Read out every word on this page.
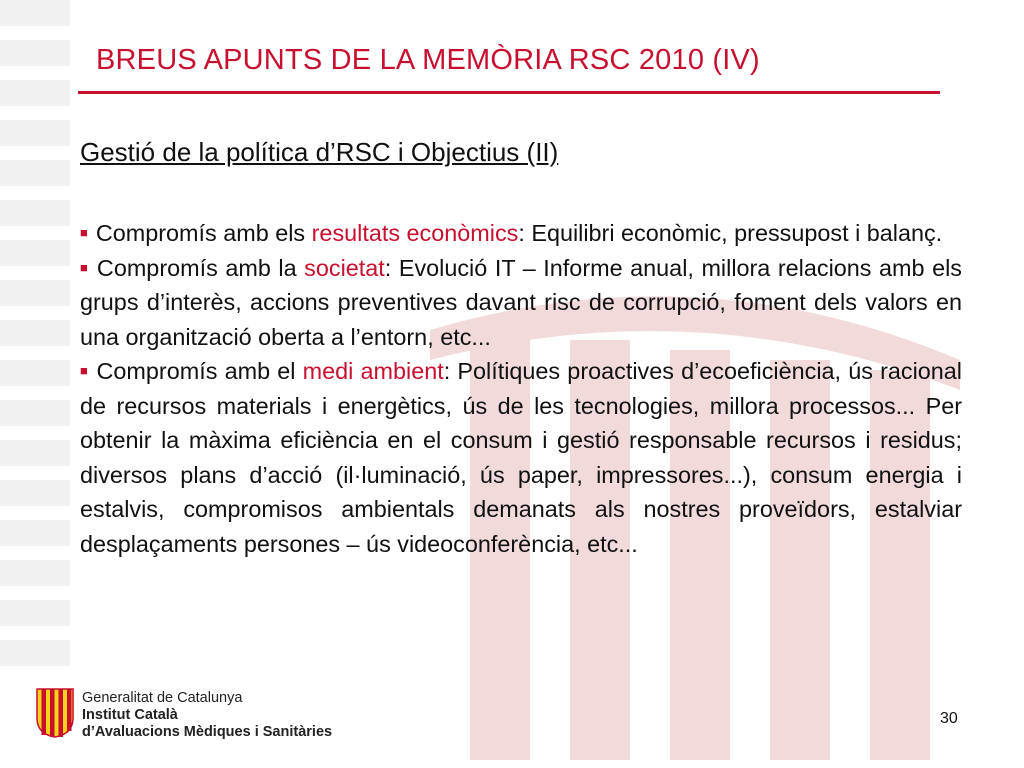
BREUS APUNTS DE LA MEMÒRIA RSC 2010 (IV)
Gestió de la política d’RSC i Objectius (II)

■ Compromís amb els resultats econòmics: Equilibri econòmic, pressupost i balanç.

■ Compromís amb la societat: Evolució IT – Informe anual, millora relacions amb els grups d’interès, accions preventives davant risc de corrupció, foment dels valors en una organització oberta a l’entorn, etc...

■ Compromís amb el medi ambient: Polítiques proactives d’ecoeficiència, ús racional de recursos materials i energètics, ús de les tecnologies, millora processos... Per obtenir la màxima eficiència en el consum i gestió responsable recursos i residus; diversos plans d’acció (il·luminació, ús paper, impressores...), consum energia i estalvis, compromisos ambientals demanats als nostres proveïdors, estalviar desplaçaments persones – ús videoconferència, etc...

Generalitat de Catalunya
Institut Català
d’Avaluacions Mèdiques i Sanitàries
30
